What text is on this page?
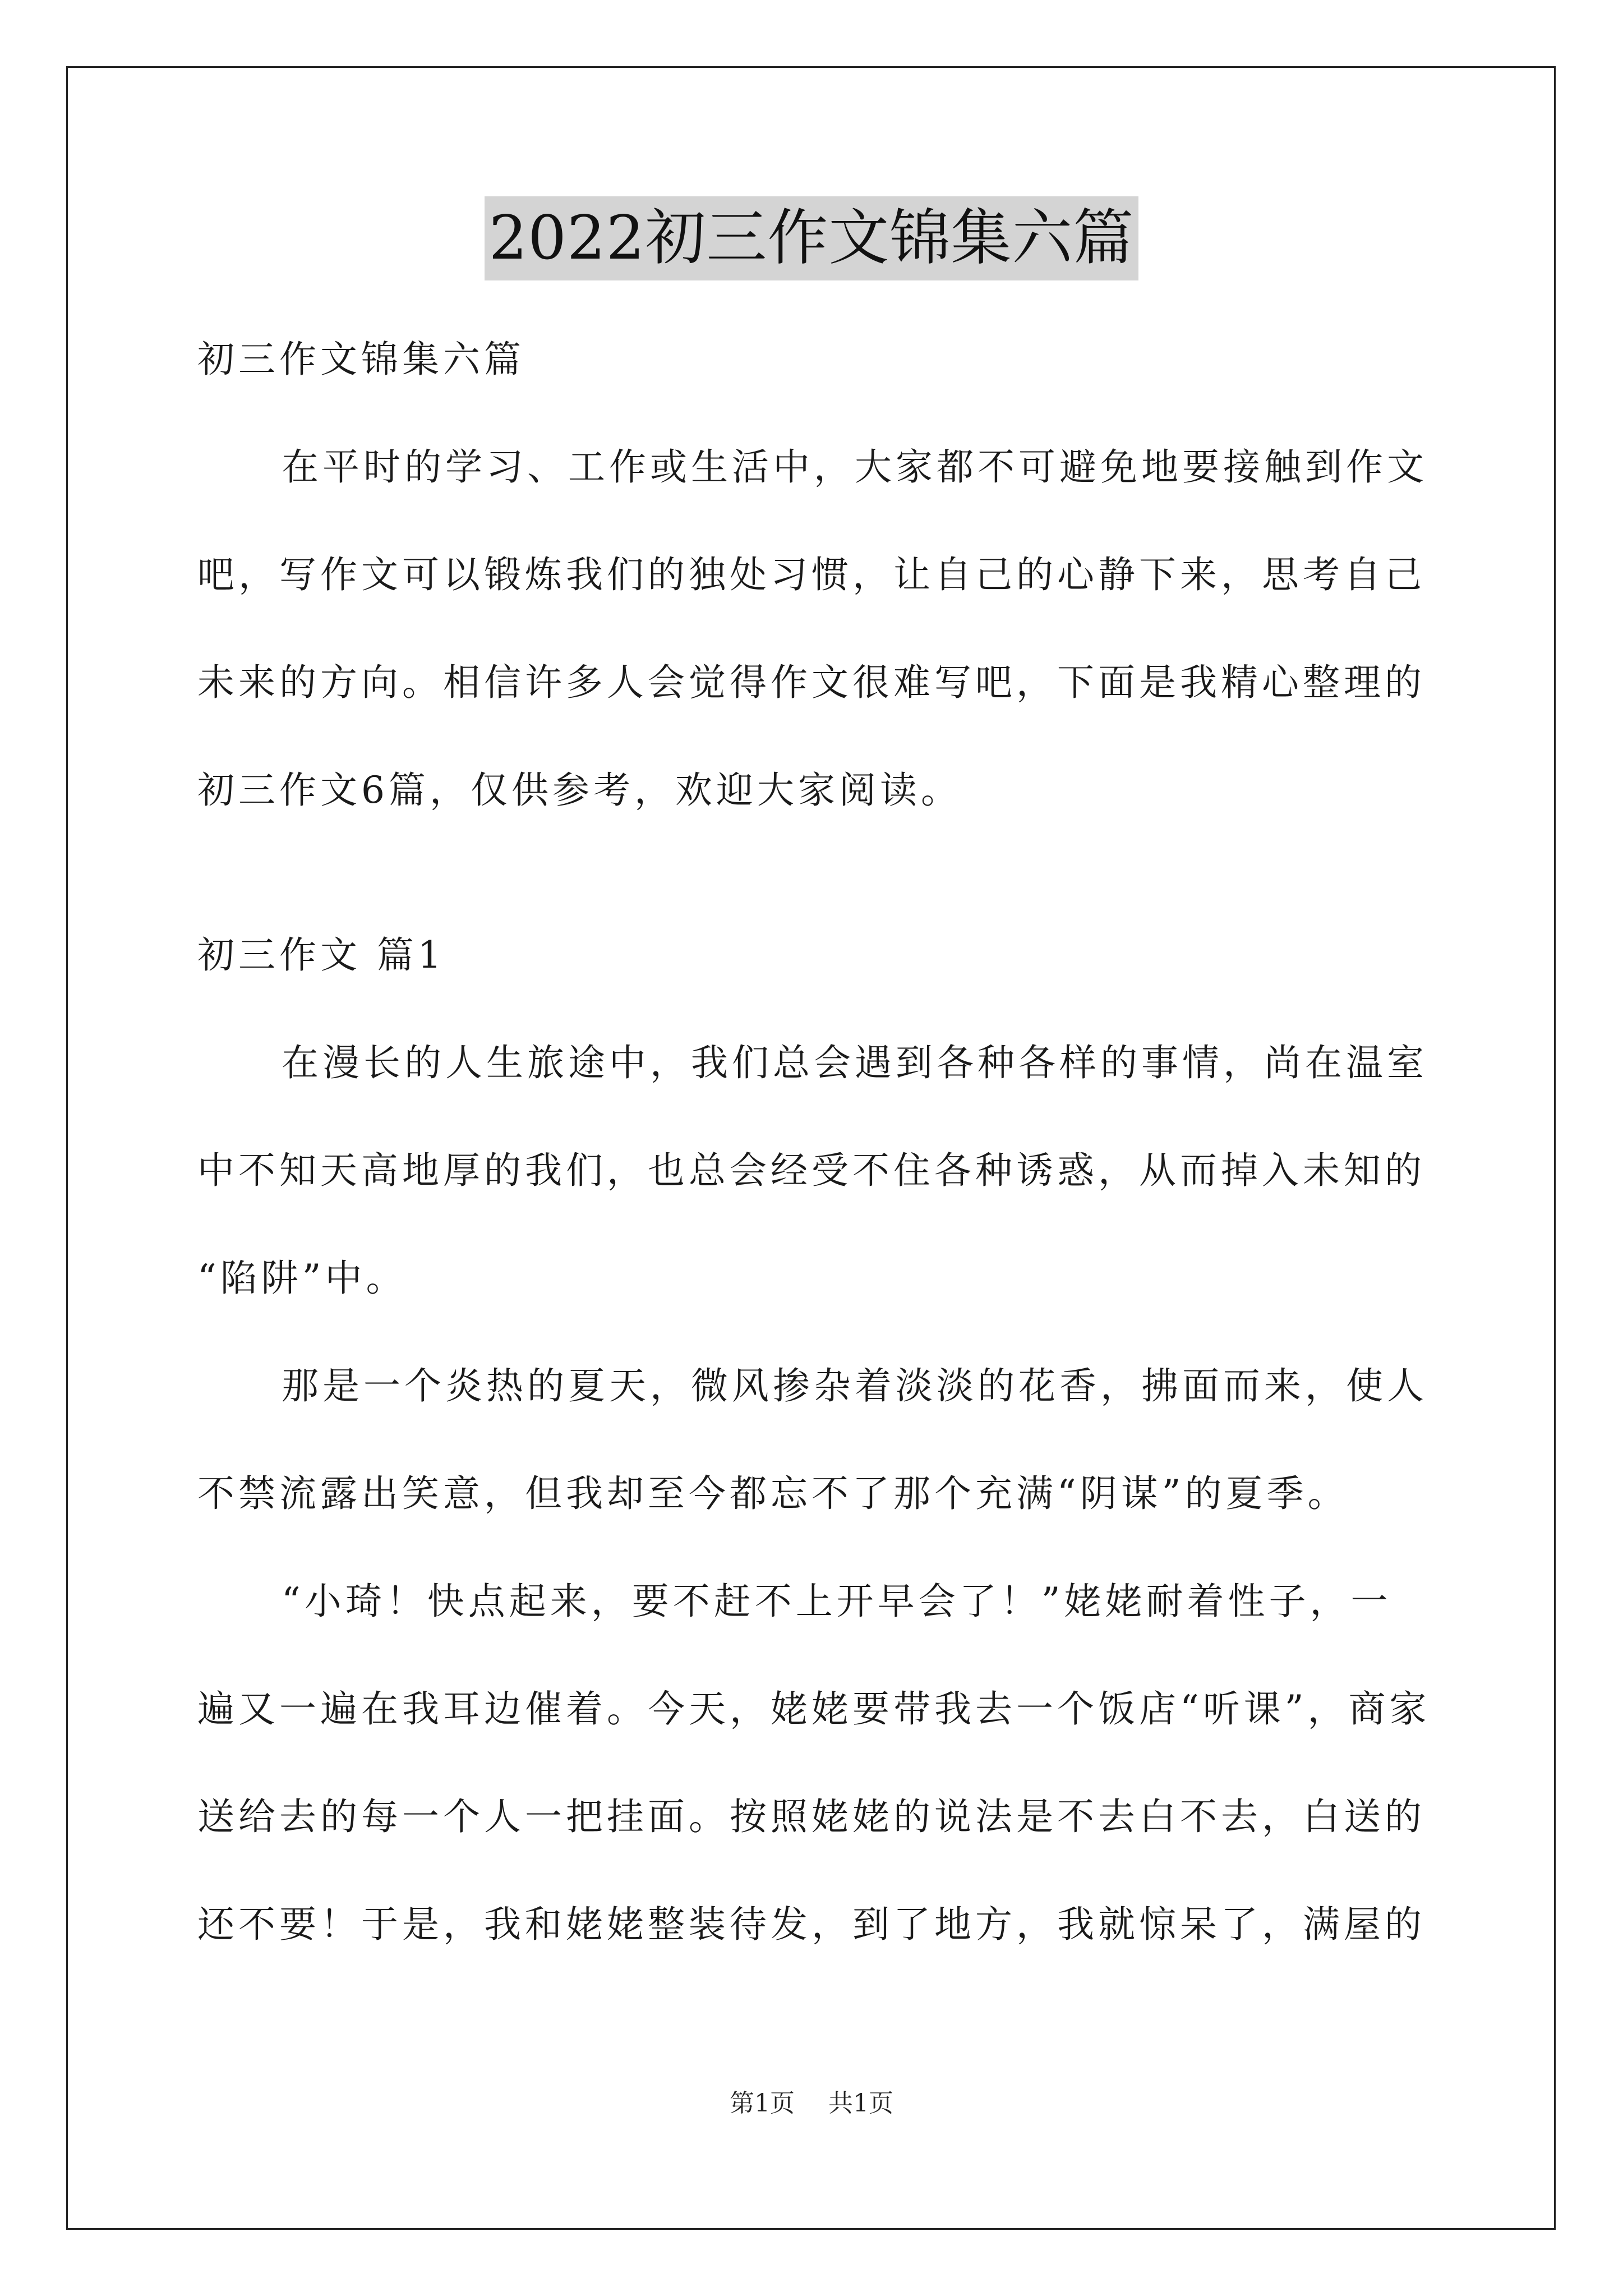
2022初三作文锦集六篇
初三作文锦集六篇
在平时的学习、工作或生活中，大家都不可避免地要接触到作文
吧，写作文可以锻炼我们的独处习惯，让自己的心静下来，思考自己
未来的方向。相信许多人会觉得作文很难写吧，下面是我精心整理的
初三作文6篇，仅供参考，欢迎大家阅读。
初三作文 篇1
在漫长的人生旅途中，我们总会遇到各种各样的事情，尚在温室
中不知天高地厚的我们，也总会经受不住各种诱惑，从而掉入未知的
“陷阱”中。
那是一个炎热的夏天，微风掺杂着淡淡的花香，拂面而来，使人
不禁流露出笑意，但我却至今都忘不了那个充满“阴谋”的夏季。
“小琦！快点起来，要不赶不上开早会了！”姥姥耐着性子，一
遍又一遍在我耳边催着。今天，姥姥要带我去一个饭店“听课”，商家
送给去的每一个人一把挂面。按照姥姥的说法是不去白不去，白送的
还不要！于是，我和姥姥整装待发，到了地方，我就惊呆了，满屋的
第1页 共1页
